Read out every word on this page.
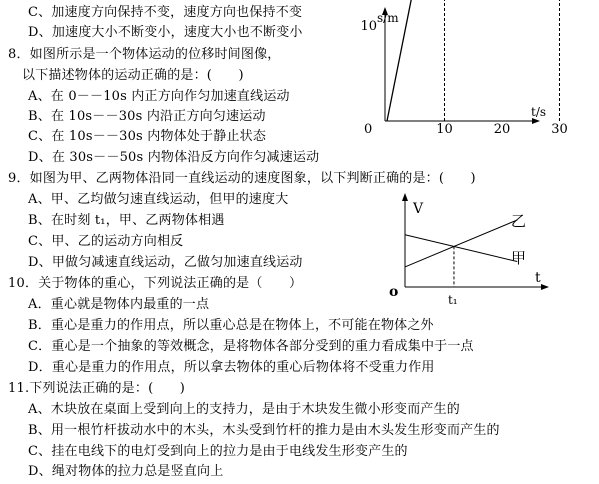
C、加速度方向保持不变，速度方向也保持不变
D、加速度大小不断变小，速度大小也不断变小
8．如图所示是一个物体运动的位移时间图像，
以下描述物体的运动正确的是：(　　)
A、在 0－－10s 内正方向作匀加速直线运动
B、在 10s－－30s 内沿正方向匀速运动
C、在 10s－－30s 内物体处于静止状态
D、在 30s－－50s 内物体沿反方向作匀减速运动
9．如图为甲、乙两物体沿同一直线运动的速度图象，以下判断正确的是：(　　)
A、甲、乙均做匀速直线运动，但甲的速度大
B、在时刻 t₁，甲、乙两物体相遇
C、甲、乙的运动方向相反
D、甲做匀减速直线运动，乙做匀加速直线运动
10．关于物体的重心，下列说法正确的是（　　）
A．重心就是物体内最重的一点
B．重心是重力的作用点，所以重心总是在物体上，不可能在物体之外
C．重心是一个抽象的等效概念，是将物体各部分受到的重力看成集中于一点
D．重心是重力的作用点，所以拿去物体的重心后物体将不受重力作用
11.下列说法正确的是：(　　)
A、木块放在桌面上受到向上的支持力，是由于木块发生微小形变而产生的
B、用一根竹杆拔动水中的木头，木头受到竹杆的推力是由木头发生形变而产生的
C、挂在电线下的电灯受到向上的拉力是由于电线发生形变产生的
D、绳对物体的拉力总是竖直向上
s/m
t/s
0	10	20	30
10
V
t
o
乙
甲
t₁
